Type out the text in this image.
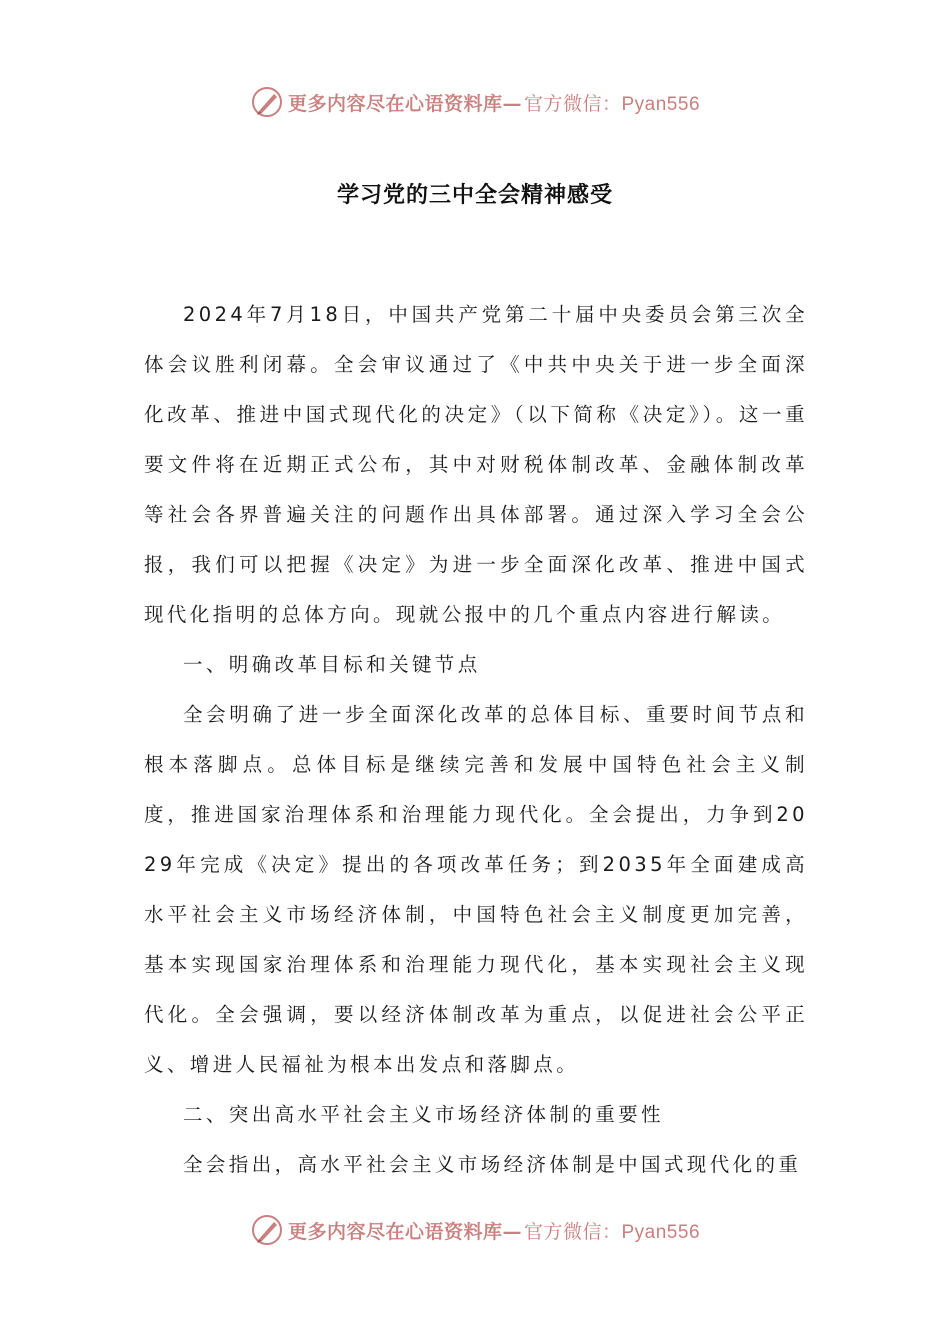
更多内容尽在心语资料库— 官方微信：Pyan556
学习党的三中全会精神感受

2024年7月18日，中国共产党第二十届中央委员会第三次全体会议胜利闭幕。全会审议通过了《中共中央关于进一步全面深化改革、推进中国式现代化的决定》（以下简称《决定》）。这一重要文件将在近期正式公布，其中对财税体制改革、金融体制改革等社会各界普遍关注的问题作出具体部署。通过深入学习全会公报，我们可以把握《决定》为进一步全面深化改革、推进中国式现代化指明的总体方向。现就公报中的几个重点内容进行解读。

一、明确改革目标和关键节点

全会明确了进一步全面深化改革的总体目标、重要时间节点和根本落脚点。总体目标是继续完善和发展中国特色社会主义制度，推进国家治理体系和治理能力现代化。全会提出，力争到2029年完成《决定》提出的各项改革任务；到2035年全面建成高水平社会主义市场经济体制，中国特色社会主义制度更加完善，基本实现国家治理体系和治理能力现代化，基本实现社会主义现代化。全会强调，要以经济体制改革为重点，以促进社会公平正义、增进人民福祉为根本出发点和落脚点。

二、突出高水平社会主义市场经济体制的重要性

全会指出，高水平社会主义市场经济体制是中国式现代化的重

更多内容尽在心语资料库— 官方微信：Pyan556
